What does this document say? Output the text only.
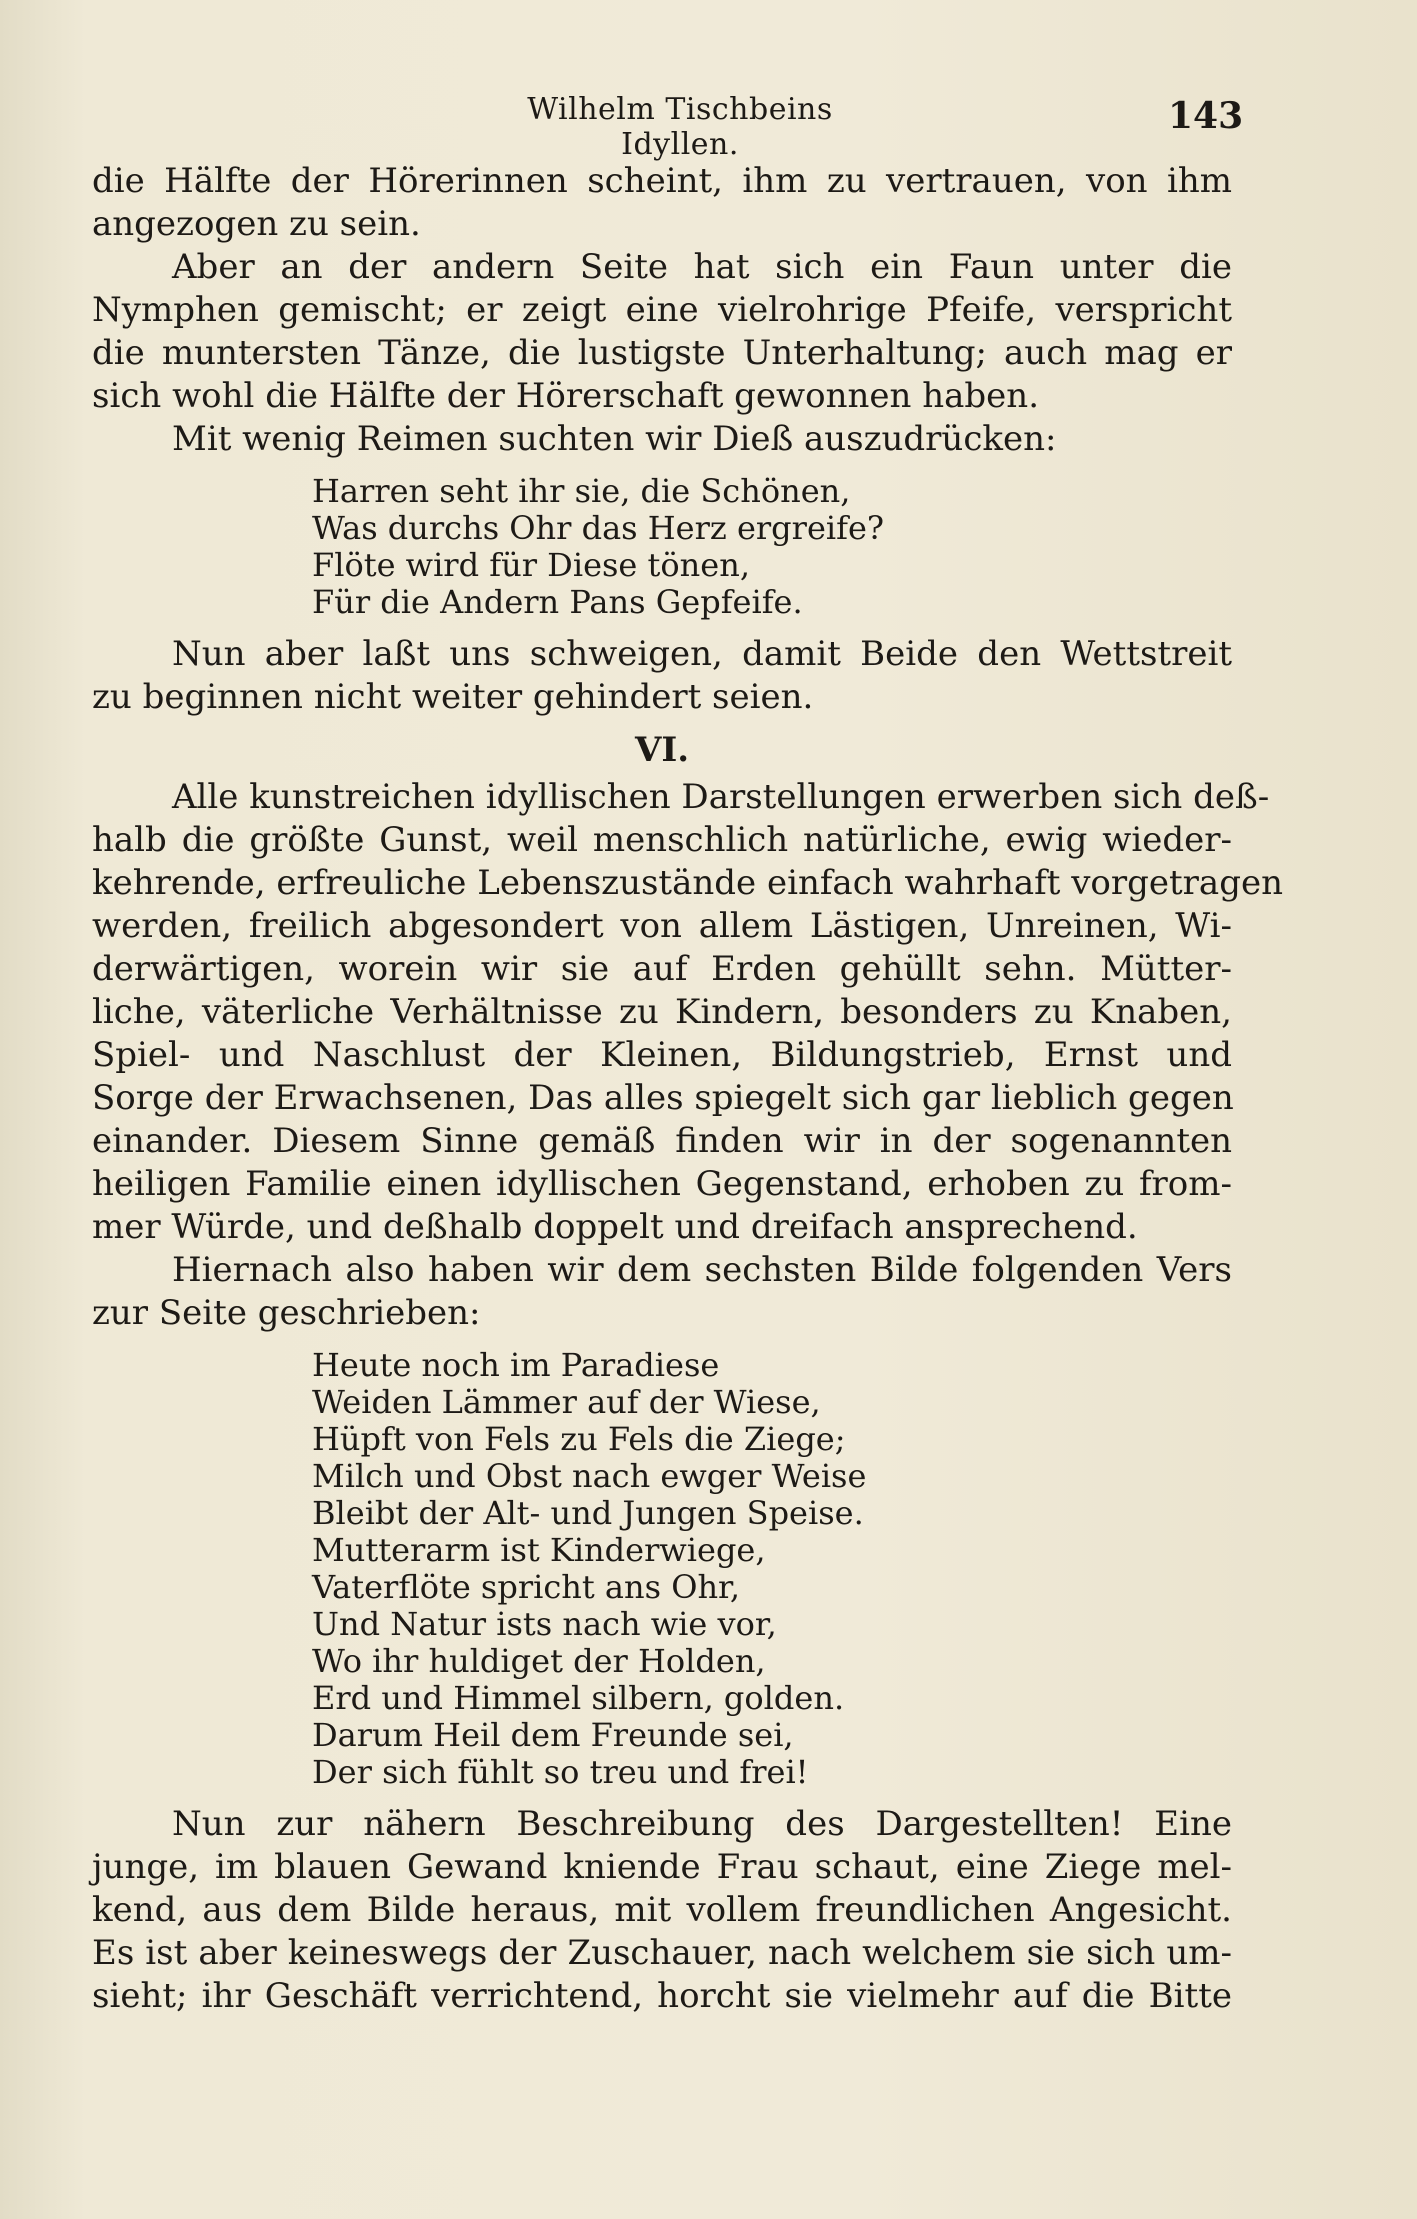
Wilhelm Tischbeins Idyllen.
143
die Hälfte der Hörerinnen scheint, ihm zu vertrauen, von ihm
angezogen zu sein.
Aber an der andern Seite hat sich ein Faun unter die
Nymphen gemischt; er zeigt eine vielrohrige Pfeife, verspricht
die muntersten Tänze, die lustigste Unterhaltung; auch mag er
sich wohl die Hälfte der Hörerschaft gewonnen haben.
Mit wenig Reimen suchten wir Dieß auszudrücken:
Harren seht ihr sie, die Schönen,
Was durchs Ohr das Herz ergreife?
Flöte wird für Diese tönen,
Für die Andern Pans Gepfeife.
Nun aber laßt uns schweigen, damit Beide den Wettstreit
zu beginnen nicht weiter gehindert seien.
VI.
Alle kunstreichen idyllischen Darstellungen erwerben sich deß-
halb die größte Gunst, weil menschlich natürliche, ewig wieder-
kehrende, erfreuliche Lebenszustände einfach wahrhaft vorgetragen
werden, freilich abgesondert von allem Lästigen, Unreinen, Wi-
derwärtigen, worein wir sie auf Erden gehüllt sehn. Mütter-
liche, väterliche Verhältnisse zu Kindern, besonders zu Knaben,
Spiel- und Naschlust der Kleinen, Bildungstrieb, Ernst und
Sorge der Erwachsenen, Das alles spiegelt sich gar lieblich gegen
einander. Diesem Sinne gemäß finden wir in der sogenannten
heiligen Familie einen idyllischen Gegenstand, erhoben zu from-
mer Würde, und deßhalb doppelt und dreifach ansprechend.
Hiernach also haben wir dem sechsten Bilde folgenden Vers
zur Seite geschrieben:
Heute noch im Paradiese
Weiden Lämmer auf der Wiese,
Hüpft von Fels zu Fels die Ziege;
Milch und Obst nach ewger Weise
Bleibt der Alt- und Jungen Speise.
Mutterarm ist Kinderwiege,
Vaterflöte spricht ans Ohr,
Und Natur ists nach wie vor,
Wo ihr huldiget der Holden,
Erd und Himmel silbern, golden.
Darum Heil dem Freunde sei,
Der sich fühlt so treu und frei!
Nun zur nähern Beschreibung des Dargestellten! Eine
junge, im blauen Gewand kniende Frau schaut, eine Ziege mel-
kend, aus dem Bilde heraus, mit vollem freundlichen Angesicht.
Es ist aber keineswegs der Zuschauer, nach welchem sie sich um-
sieht; ihr Geschäft verrichtend, horcht sie vielmehr auf die Bitte
